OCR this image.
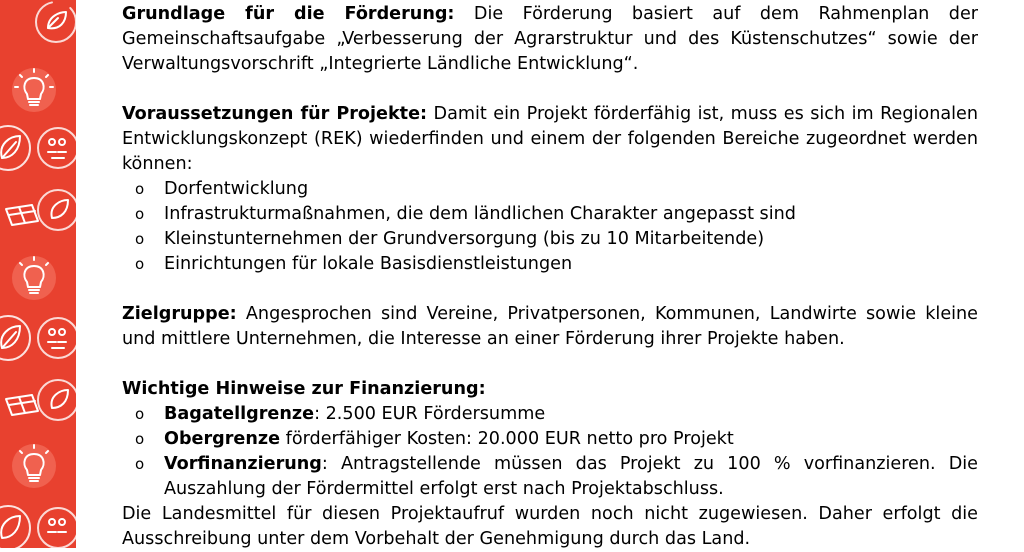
Grundlage für die Förderung: Die Förderung basiert auf dem Rahmenplan der Gemeinschaftsaufgabe „Verbesserung der Agrarstruktur und des Küstenschutzes“ sowie der Verwaltungsvorschrift „Integrierte Ländliche Entwicklung“.

Voraussetzungen für Projekte: Damit ein Projekt förderfähig ist, muss es sich im Regionalen Entwicklungskonzept (REK) wiederfinden und einem der folgenden Bereiche zugeordnet werden können:

o Dorfentwicklung
o Infrastrukturmaßnahmen, die dem ländlichen Charakter angepasst sind
o Kleinstunternehmen der Grundversorgung (bis zu 10 Mitarbeitende)
o Einrichtungen für lokale Basisdienstleistungen

Zielgruppe: Angesprochen sind Vereine, Privatpersonen, Kommunen, Landwirte sowie kleine und mittlere Unternehmen, die Interesse an einer Förderung ihrer Projekte haben.

Wichtige Hinweise zur Finanzierung:

o Bagatellgrenze: 2.500 EUR Fördersumme
o Obergrenze förderfähiger Kosten: 20.000 EUR netto pro Projekt
o Vorfinanzierung: Antragstellende müssen das Projekt zu 100 % vorfinanzieren. Die Auszahlung der Fördermittel erfolgt erst nach Projektabschluss.

Die Landesmittel für diesen Projektaufruf wurden noch nicht zugewiesen. Daher erfolgt die Ausschreibung unter dem Vorbehalt der Genehmigung durch das Land.
